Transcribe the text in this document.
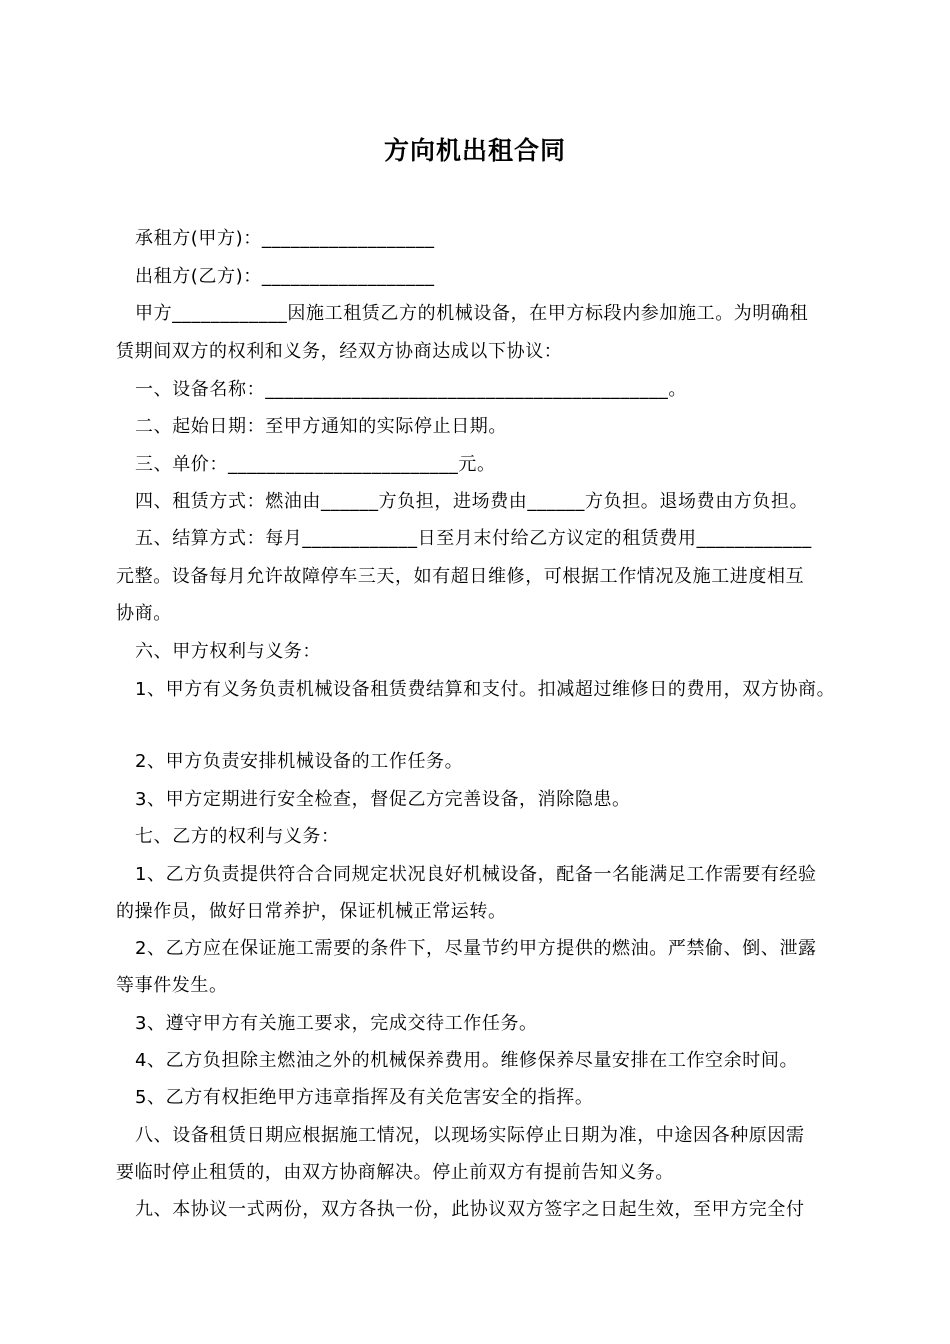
方向机出租合同
承租方(甲方)：__________________
出租方(乙方)：__________________
甲方____________因施工租赁乙方的机械设备，在甲方标段内参加施工。为明确租
赁期间双方的权利和义务，经双方协商达成以下协议：
一、设备名称：__________________________________________。
二、起始日期：至甲方通知的实际停止日期。
三、单价：________________________元。
四、租赁方式：燃油由______方负担，进场费由______方负担。退场费由方负担。
五、结算方式：每月____________日至月末付给乙方议定的租赁费用____________
元整。设备每月允许故障停车三天，如有超日维修，可根据工作情况及施工进度相互
协商。
六、甲方权利与义务：
1、甲方有义务负责机械设备租赁费结算和支付。扣减超过维修日的费用，双方协商。
2、甲方负责安排机械设备的工作任务。
3、甲方定期进行安全检查，督促乙方完善设备，消除隐患。
七、乙方的权利与义务：
1、乙方负责提供符合合同规定状况良好机械设备，配备一名能满足工作需要有经验
的操作员，做好日常养护，保证机械正常运转。
2、乙方应在保证施工需要的条件下，尽量节约甲方提供的燃油。严禁偷、倒、泄露
等事件发生。
3、遵守甲方有关施工要求，完成交待工作任务。
4、乙方负担除主燃油之外的机械保养费用。维修保养尽量安排在工作空余时间。
5、乙方有权拒绝甲方违章指挥及有关危害安全的指挥。
八、设备租赁日期应根据施工情况，以现场实际停止日期为准，中途因各种原因需
要临时停止租赁的，由双方协商解决。停止前双方有提前告知义务。
九、本协议一式两份，双方各执一份，此协议双方签字之日起生效，至甲方完全付
